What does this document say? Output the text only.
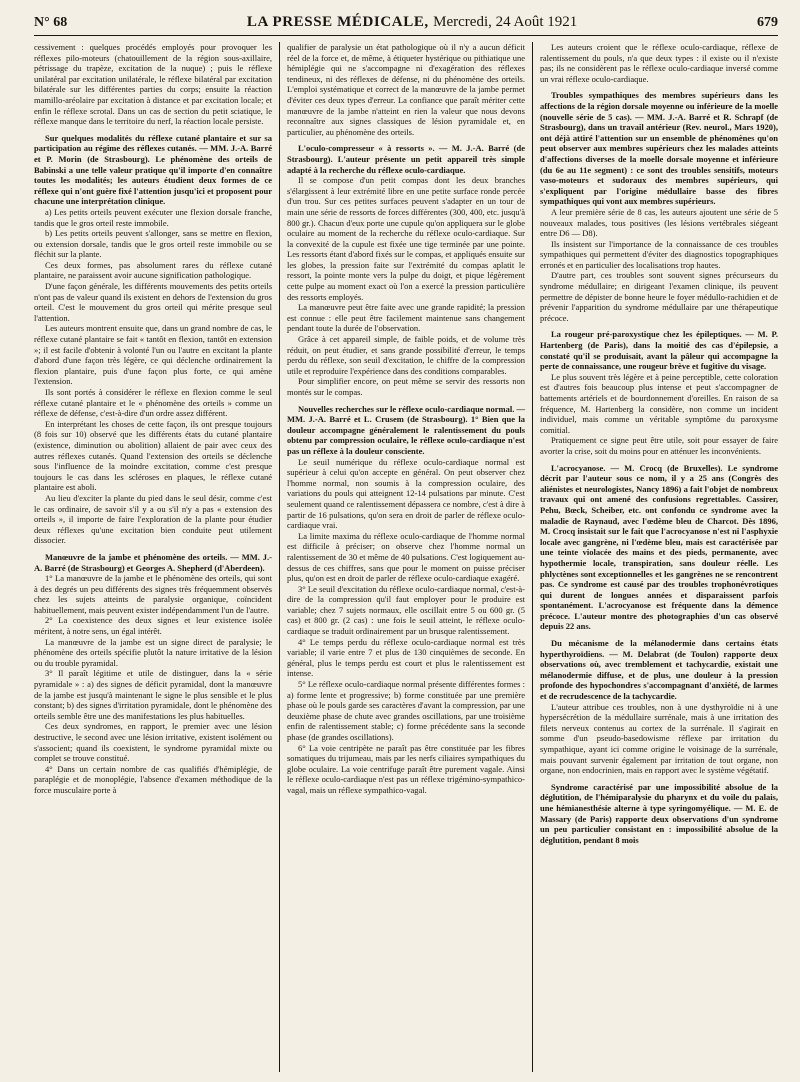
N° 68	LA PRESSE MÉDICALE, Mercredi, 24 Août 1921	679

cessivement : quelques procédés employés pour provoquer les réflexes pilo-moteurs (chatouillement de la région sous-axillaire, pétrissage du trapèze, excitation de la nuque) ; puis le réflexe unilatéral par excitation unilatérale, le réflexe bilatéral par excitation bilatérale sur les différentes parties du corps; ensuite la réaction mamillo-aréolaire par excitation à distance et par excitation locale; et enfin le réflexe scrotal. Dans un cas de section du petit sciatique, le réflexe manque dans le territoire du nerf, la réaction locale persiste.

Sur quelques modalités du réflexe cutané plantaire et sur sa participation au régime des réflexes cutanés. — MM. J.-A. Barré et P. Morin (de Strasbourg). Le phénomène des orteils de Babinski a une telle valeur pratique qu'il importe d'en connaître toutes les modalités; les auteurs étudient deux formes de ce réflexe qui n'ont guère fixé l'attention jusqu'ici et proposent pour chacune une interprétation clinique.

a) Les petits orteils peuvent exécuter une flexion dorsale franche, tandis que le gros orteil reste immobile.

b) Les petits orteils peuvent s'allonger, sans se mettre en flexion, ou extension dorsale, tandis que le gros orteil reste immobile ou se fléchit sur la plante.

Ces deux formes, pas absolument rares du réflexe cutané plantaire, ne paraissent avoir aucune signification pathologique.

D'une façon générale, les différents mouvements des petits orteils n'ont pas de valeur quand ils existent en dehors de l'extension du gros orteil. C'est le mouvement du gros orteil qui mérite presque seul l'attention.

Les auteurs montrent ensuite que, dans un grand nombre de cas, le réflexe cutané plantaire se fait « tantôt en flexion, tantôt en extension »; il est facile d'obtenir à volonté l'un ou l'autre en excitant la plante d'abord d'une façon très légère, ce qui déclenche ordinairement la flexion plantaire, puis d'une façon plus forte, ce qui amène l'extension.

Ils sont portés à considérer le réflexe en flexion comme le seul réflexe cutané plantaire et le « phénomène des orteils » comme un réflexe de défense, c'est-à-dire d'un ordre assez différent.

En interprétant les choses de cette façon, ils ont presque toujours (8 fois sur 10) observé que les différents états du cutané plantaire (existence, diminution ou abolition) allaient de pair avec ceux des autres réflexes cutanés. Quand l'extension des orteils se déclenche sous l'influence de la moindre excitation, comme c'est presque toujours le cas dans les scléroses en plaques, le réflexe cutané plantaire est aboli.

Au lieu d'exciter la plante du pied dans le seul désir, comme c'est le cas ordinaire, de savoir s'il y a ou s'il n'y a pas « extension des orteils », il importe de faire l'exploration de la plante pour étudier deux réflexes qu'une excitation bien conduite peut utilement dissocier.

Manœuvre de la jambe et phénomène des orteils. — MM. J.-A. Barré (de Strasbourg) et Georges A. Shepherd (d'Aberdeen).

1° La manœuvre de la jambe et le phénomène des orteils, qui sont à des degrés un peu différents des signes très fréquemment observés chez les sujets atteints de paralysie organique, coïncident habituellement, mais peuvent exister indépendamment l'un de l'autre.

2° La coexistence des deux signes et leur existence isolée méritent, à notre sens, un égal intérêt.

La manœuvre de la jambe est un signe direct de paralysie; le phénomène des orteils spécifie plutôt la nature irritative de la lésion ou du trouble pyramidal.

3° Il paraît légitime et utile de distinguer, dans la « série pyramidale » : a) des signes de déficit pyramidal, dont la manœuvre de la jambe est jusqu'à maintenant le signe le plus sensible et le plus constant; b) des signes d'irritation pyramidale, dont le phénomène des orteils semble être une des manifestations les plus habituelles.

Ces deux syndromes, en rapport, le premier avec une lésion destructive, le second avec une lésion irritative, existent isolément ou s'associent; quand ils coexistent, le syndrome pyramidal mixte ou complet se trouve constitué.

4° Dans un certain nombre de cas qualifiés d'hémiplégie, de paraplégie et de monoplégie, l'absence d'examen méthodique de la force musculaire porte à

qualifier de paralysie un état pathologique où il n'y a aucun déficit réel de la force et, de même, à étiqueter hystérique ou pithiatique une hémiplégie qui ne s'accompagne ni d'exagération des réflexes tendineux, ni des réflexes de défense, ni du phénomène des orteils. L'emploi systématique et correct de la manœuvre de la jambe permet d'éviter ces deux types d'erreur. La confiance que paraît mériter cette manœuvre de la jambe n'atteint en rien la valeur que nous devons reconnaître aux signes classiques de lésion pyramidale et, en particulier, au phénomène des orteils.

L'oculo-compresseur « à ressorts ». — M. J.-A. Barré (de Strasbourg). L'auteur présente un petit appareil très simple adapté à la recherche du réflexe oculo-cardiaque.

Il se compose d'un petit compas dont les deux branches s'élargissent à leur extrémité libre en une petite surface ronde percée d'un trou. Sur ces petites surfaces peuvent s'adapter en un tour de main une série de ressorts de forces différentes (300, 400, etc. jusqu'à 800 gr.). Chacun d'eux porte une cupule qu'on appliquera sur le globe oculaire au moment de la recherche du réflexe oculo-cardiaque. Sur la convexité de la cupule est fixée une tige terminée par une pointe. Les ressorts étant d'abord fixés sur le compas, et appliqués ensuite sur les globes, la pression faite sur l'extrémité du compas aplatit le ressort, la pointe monte vers la pulpe du doigt, et pique légèrement cette pulpe au moment exact où l'on a exercé la pression particulière des ressorts employés.

La manœuvre peut être faite avec une grande rapidité; la pression est connue : elle peut être facilement maintenue sans changement pendant toute la durée de l'observation.

Grâce à cet appareil simple, de faible poids, et de volume très réduit, on peut étudier, et sans grande possibilité d'erreur, le temps perdu du réflexe, son seuil d'excitation, le chiffre de la compression utile et reproduire l'expérience dans des conditions comparables.

Pour simplifier encore, on peut même se servir des ressorts non montés sur le compas.

Nouvelles recherches sur le réflexe oculo-cardiaque normal. — MM. J.-A. Barré et L. Crusem (de Strasbourg). 1° Bien que la douleur accompagne généralement le ralentissement du pouls obtenu par compression oculaire, le réflexe oculo-cardiaque n'est pas un réflexe à la douleur consciente.

Le seuil numérique du réflexe oculo-cardiaque normal est supérieur à celui qu'on accepte en général. On peut observer chez l'homme normal, non soumis à la compression oculaire, des variations du pouls qui atteignent 12-14 pulsations par minute. C'est seulement quand ce ralentissement dépassera ce nombre, c'est à dire à partir de 16 pulsations, qu'on sera en droit de parler de réflexe oculo-cardiaque vrai.

La limite maxima du réflexe oculo-cardiaque de l'homme normal est difficile à préciser; on observe chez l'homme normal un ralentissement de 30 et même de 40 pulsations. C'est logiquement au-dessus de ces chiffres, sans que pour le moment on puisse préciser plus, qu'on est en droit de parler de réflexe oculo-cardiaque exagéré.

3° Le seuil d'excitation du réflexe oculo-cardiaque normal, c'est-à-dire de la compression qu'il faut employer pour le produire est variable; chez 7 sujets normaux, elle oscillait entre 5 ou 600 gr. (5 cas) et 800 gr. (2 cas) : une fois le seuil atteint, le réflexe oculo-cardiaque se traduit ordinairement par un brusque ralentissement.

4° Le temps perdu du réflexe oculo-cardiaque normal est très variable; il varie entre 7 et plus de 130 cinquièmes de seconde. En général, plus le temps perdu est court et plus le ralentissement est intense.

5° Le réflexe oculo-cardiaque normal présente différentes formes : a) forme lente et progressive; b) forme constituée par une première phase où le pouls garde ses caractères d'avant la compression, par une deuxième phase de chute avec grandes oscillations, par une troisième enfin de ralentissement stable; c) forme précédente sans la seconde phase (de grandes oscillations).

6° La voie centripète ne paraît pas être constituée par les fibres somatiques du trijumeau, mais par les nerfs ciliaires sympathiques du globe oculaire. La voie centrifuge paraît être purement vagale. Ainsi le réflexe oculo-cardiaque n'est pas un réflexe trigémino-sympathico-vagal, mais un réflexe sympathico-vagal.

Les auteurs croient que le réflexe oculo-cardiaque, réflexe de ralentissement du pouls, n'a que deux types : il existe ou il n'existe pas; ils ne considèrent pas le réflexe oculo-cardiaque inversé comme un vrai réflexe oculo-cardiaque.

Troubles sympathiques des membres supérieurs dans les affections de la région dorsale moyenne ou inférieure de la moelle (nouvelle série de 5 cas). — MM. J.-A. Barré et R. Schrapf (de Strasbourg), dans un travail antérieur (Rev. neurol., Mars 1920), ont déjà attiré l'attention sur un ensemble de phénomènes qu'on peut observer aux membres supérieurs chez les malades atteints d'affections diverses de la moelle dorsale moyenne et inférieure (du 6e au 11e segment) : ce sont des troubles sensitifs, moteurs vaso-moteurs et sudoraux des membres supérieurs, qui s'expliquent par l'origine médullaire basse des fibres sympathiques qui vont aux membres supérieurs.

A leur première série de 8 cas, les auteurs ajoutent une série de 5 nouveaux malades, tous positives (les lésions vertébrales siégeant entre D6 — D8).

Ils insistent sur l'importance de la connaissance de ces troubles sympathiques qui permettent d'éviter des diagnostics topographiques erronés et en particulier des localisations trop hautes.

D'autre part, ces troubles sont souvent signes précurseurs du syndrome médullaire; en dirigeant l'examen clinique, ils peuvent permettre de dépister de bonne heure le foyer médullo-rachidien et de prévenir l'apparition du syndrome médullaire par une thérapeutique précoce.

La rougeur pré-paroxystique chez les épileptiques. — M. P. Hartenberg (de Paris), dans la moitié des cas d'épilepsie, a constaté qu'il se produisait, avant la pâleur qui accompagne la perte de connaissance, une rougeur brève et fugitive du visage.

Le plus souvent très légère et à peine perceptible, cette coloration est d'autres fois beaucoup plus intense et peut s'accompagner de battements artériels et de bourdonnement d'oreilles. En raison de sa fréquence, M. Hartenberg la considère, non comme un incident individuel, mais comme un véritable symptôme du paroxysme comitial.

Pratiquement ce signe peut être utile, soit pour essayer de faire avorter la crise, soit du moins pour en atténuer les inconvénients.

L'acrocyanose. — M. Crocq (de Bruxelles). Le syndrome décrit par l'auteur sous ce nom, il y a 25 ans (Congrès des aliénistes et neurologistes, Nancy 1896) a fait l'objet de nombreux travaux qui ont amené des confusions regrettables. Cassirer, Pehu, Bœck, Scheiber, etc. ont confondu ce syndrome avec la maladie de Raynaud, avec l'œdème bleu de Charcot. Dès 1896, M. Crocq insistait sur le fait que l'acrocyanose n'est ni l'asphyxie locale avec gangrène, ni l'œdème bleu, mais est caractérisée par une teinte violacée des mains et des pieds, permanente, avec hypothermie locale, transpiration, sans douleur réelle. Les phlyctènes sont exceptionnelles et les gangrènes ne se rencontrent pas. Ce syndrome est causé par des troubles trophonévrotiques qui durent de longues années et disparaissent parfois spontanément. L'acrocyanose est fréquente dans la démence précoce. L'auteur montre des photographies d'un cas observé depuis 22 ans.

Du mécanisme de la mélanodermie dans certains états hyperthyroïdiens. — M. Delabrat (de Toulon) rapporte deux observations où, avec tremblement et tachycardie, existait une mélanodermie diffuse, et de plus, une douleur à la pression profonde des hypochondres s'accompagnant d'anxiété, de larmes et de recrudescence de la tachycardie.

L'auteur attribue ces troubles, non à une dysthyroïdie ni à une hypersécrétion de la médullaire surrénale, mais à une irritation des filets nerveux contenus au cortex de la surrénale. Il s'agirait en somme d'un pseudo-basedowisme réflexe par irritation du sympathique, ayant ici comme origine le voisinage de la surrénale, mais pouvant survenir également par irritation de tout organe, non organe, non endocrinien, mais en rapport avec le système végétatif.

Syndrome caractérisé par une impossibilité absolue de la déglutition, de l'hémiparalysie du pharynx et du voile du palais, une hémianesthésie alterne à type syringomyélique. — M. E. de Massary (de Paris) rapporte deux observations d'un syndrome un peu particulier consistant en : impossibilité absolue de la déglutition, pendant 8 mois
